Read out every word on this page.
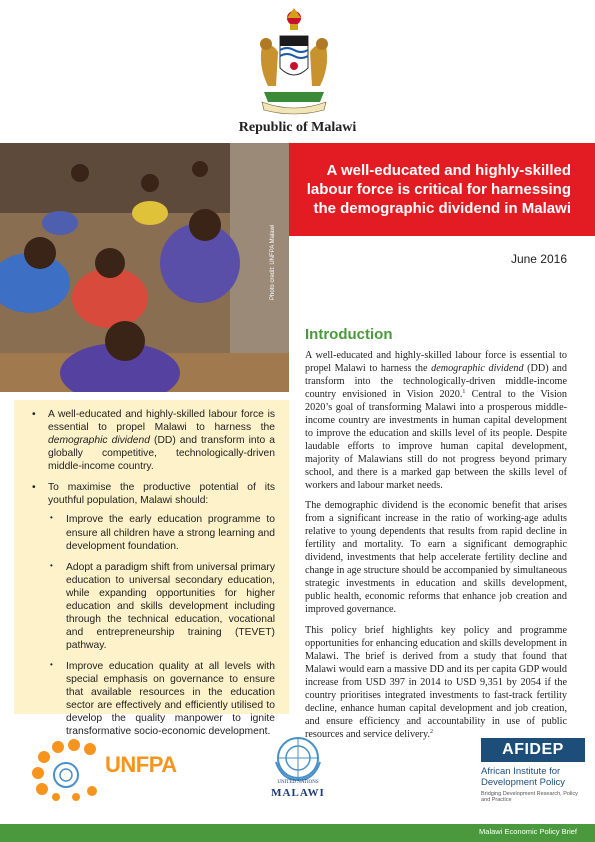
Republic of Malawi
Photo credit: UNFPA Malawi
A well-educated and highly-skilled labour force is critical for harnessing the demographic dividend in Malawi
June 2016
• A well-educated and highly-skilled labour force is essential to propel Malawi to harness the demographic dividend (DD) and transform into a globally competitive, technologically-driven middle-income country.
• To maximise the productive potential of its youthful population, Malawi should:
• Improve the early education programme to ensure all children have a strong learning and development foundation.
• Adopt a paradigm shift from universal primary education to universal secondary education, while expanding opportunities for higher education and skills development including through the technical education, vocational and entrepreneurship training (TEVET) pathway.
• Improve education quality at all levels with special emphasis on governance to ensure that available resources in the education sector are effectively and efficiently utilised to develop the quality manpower to ignite transformative socio-economic development.
Introduction

A well-educated and highly-skilled labour force is essential to propel Malawi to harness the demographic dividend (DD) and transform into the technologically-driven middle-income country envisioned in Vision 2020.$^1$ Central to the Vision 2020’s goal of transforming Malawi into a prosperous middle-income country are investments in human capital development to improve the education and skills level of its people. Despite laudable efforts to improve human capital development, majority of Malawians still do not progress beyond primary school, and there is a marked gap between the skills level of workers and labour market needs.

The demographic dividend is the economic benefit that arises from a significant increase in the ratio of working-age adults relative to young dependents that results from rapid decline in fertility and mortality. To earn a significant demographic dividend, investments that help accelerate fertility decline and change in age structure should be accompanied by simultaneous strategic investments in education and skills development, public health, economic reforms that enhance job creation and improved governance.

This policy brief highlights key policy and programme opportunities for enhancing education and skills development in Malawi. The brief is derived from a study that found that Malawi would earn a massive DD and its per capita GDP would increase from USD 397 in 2014 to USD 9,351 by 2054 if the country prioritises integrated investments to fast-track fertility decline, enhance human capital development and job creation, and ensure efficiency and accountability in use of public resources and service delivery.$^2$

UNFPA
UNITED NATIONS
MALAWI
AFIDEP
African Institute for Development Policy
Bridging Development Research, Policy and Practice
Malawi Economic Policy Brief
